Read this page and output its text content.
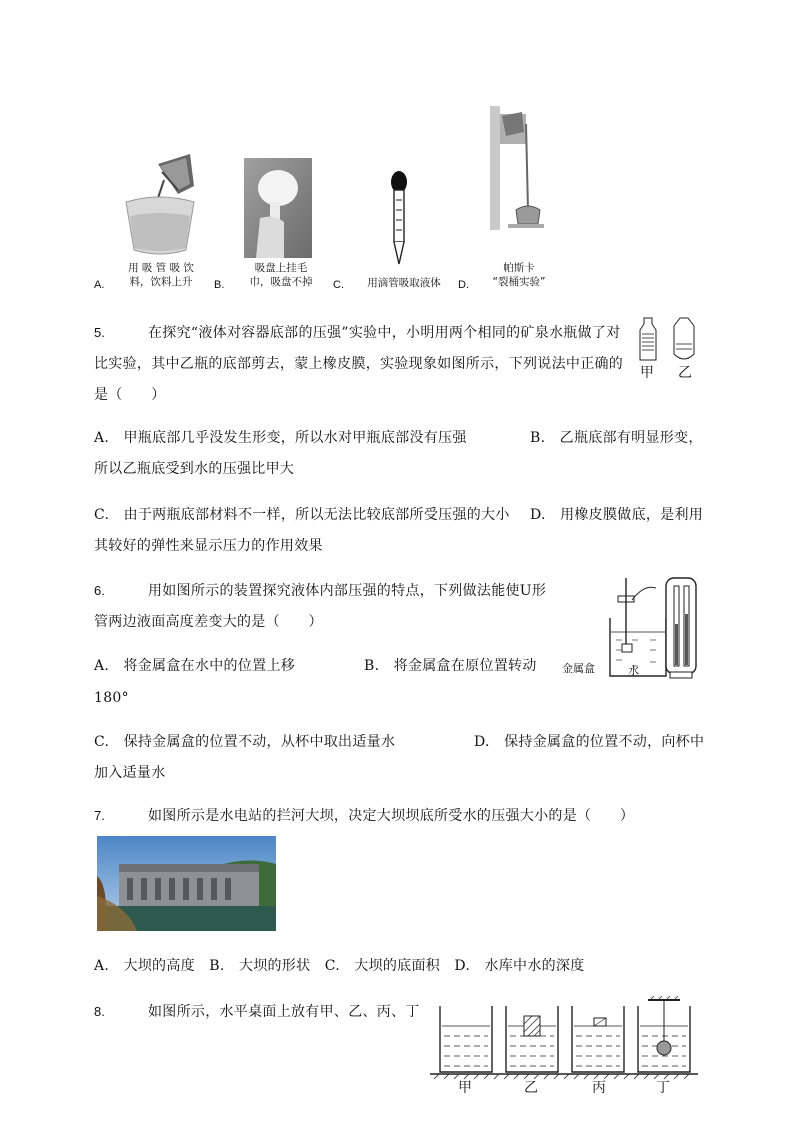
用 吸 管 吸 饮
料，饮料上升
A.	B.
吸盘上挂毛
巾，吸盘不掉	C.	用滴管吸取液体	D.
帕斯卡
“裂桶实验”
5.	在探究“液体对容器底部的压强”实验中，小明用两个相同的矿泉水瓶做了对
比实验，其中乙瓶的底部剪去，蒙上橡皮膜，实验现象如图所示，下列说法中正确的
是（　　）
甲 乙
A.　甲瓶底部几乎没发生形变，所以水对甲瓶底部没有压强	B.　乙瓶底部有明显形变，
所以乙瓶底受到水的压强比甲大
C.　由于两瓶底部材料不一样，所以无法比较底部所受压强的大小 D.　用橡皮膜做底，是利用
其较好的弹性来显示压力的作用效果
6.	用如图所示的装置探究液体内部压强的特点，下列做法能使U形
管两边液面高度差变大的是（　　）
金属盒	水
A.　将金属盒在水中的位置上移	B.　将金属盒在原位置转动
180°
C.　保持金属盒的位置不动，从杯中取出适量水	D.　保持金属盒的位置不动，向杯中
加入适量水
7.	如图所示是水电站的拦河大坝，决定大坝坝底所受水的压强大小的是（　　）
A.　大坝的高度　B.　大坝的形状　C.　大坝的底面积　D.　水库中水的深度
8.	如图所示，水平桌面上放有甲、乙、丙、丁
甲	乙	丙	丁
